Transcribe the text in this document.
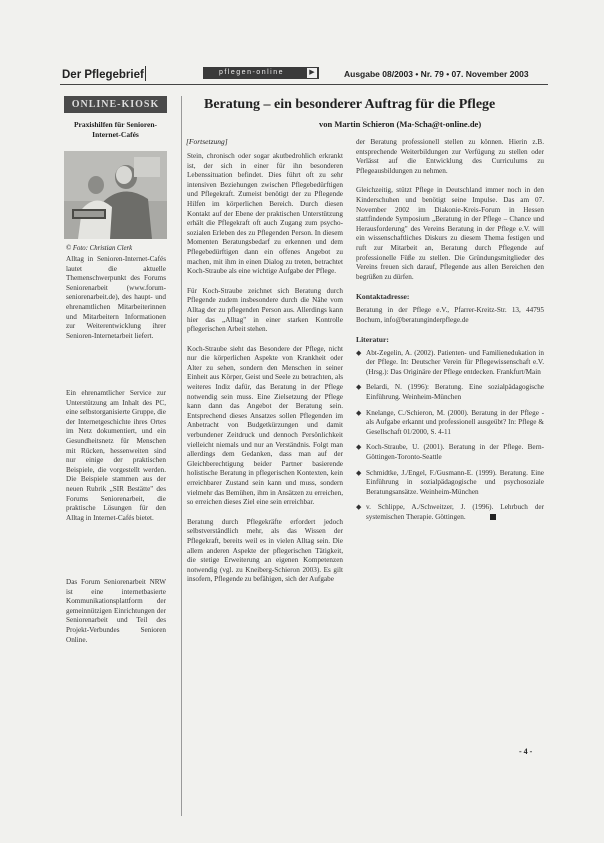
Der Pflegebrief	pflegen-online	▶	Ausgabe 08/2003 • Nr. 79 • 07. November 2003
ONLINE-KIOSK
Praxishilfen für Senioren-Internet-Cafés
© Foto: Christian Clerk
Alltag in Senioren-Internet-Cafés lautet die aktuelle Themenschwerpunkt des Forums Seniorenarbeit (www.forum-seniorenarbeit.de), des haupt- und ehrenamtlichen Mitarbeiterinnen und Mitarbeitern Informationen zur Weiterentwicklung ihrer Senioren-Internetarbeit liefert.
Ein ehrenamtlicher Service zur Unterstützung am Inhalt des PC, eine selbstorganisierte Gruppe, die der Internetgeschichte ihres Ortes im Netz dokumentiert, und ein Gesundheitsnetz für Menschen mit Rücken, hessenweiten sind nur einige der praktischen Beispiele, die vorgestellt werden. Die Beispiele stammen aus der neuen Rubrik „SIR Bestätte" des Forums Seniorenarbeit, die praktische Lösungen für den Alltag in Internet-Cafés bietet.
Das Forum Seniorenarbeit NRW ist eine internetbasierte Kommunikationsplattform der gemeinnützigen Einrichtungen der Seniorenarbeit und Teil des Projekt-Verbundes Senioren Online.
Beratung – ein besonderer Auftrag für die Pflege
von Martin Schieron (Ma-Scha@t-online.de)
[Fortsetzung]

Stein, chronisch oder sogar akutbedrohlich erkrankt ist, der sich in einer für ihn besonderen Lebenssituation befindet. Dies führt oft zu sehr intensiven Beziehungen zwischen Pflegebedürftigen und Pflegekraft. Zumeist benötigt der zu Pflegende Hilfen im körperlichen Bereich. Durch diesen Kontakt auf der Ebene der praktischen Unterstützung erhält die Pflegekraft oft auch Zugang zum psycho-sozialen Erleben des zu Pflegenden Person. In diesem Momenten Beratungsbedarf zu erkennen und dem Pflegebedürftigen dann ein offenes Angebot zu machen, mit ihm in einen Dialog zu treten, betrachtet Koch-Straube als eine wichtige Aufgabe der Pflege.

Für Koch-Straube zeichnet sich Beratung durch Pflegende zudem insbesondere durch die Nähe vom Alltag der zu pflegenden Person aus. Allerdings kann hier das „Alltag" in einer starken Kontrolle pflegerischen Arbeit stehen.

Koch-Straube sieht das Besondere der Pflege, nicht nur die körperlichen Aspekte von Krankheit oder Alter zu sehen, sondern den Menschen in seiner Einheit aus Körper, Geist und Seele zu betrachten, als weiteres Indiz dafür, das Beratung in der Pflege notwendig sein muss. Eine Zielsetzung der Pflege kann dann das Angebot der Beratung sein. Entsprechend dieses Ansatzes sollen Pflegenden im Anbetracht von Budgetkürzungen und damit verbundener Zeitdruck und dennoch Persönlichkeit vielleicht niemals und nur an Verständnis. Folgt man allerdings dem Gedanken, dass man auf der Gleichberechtigung beider Partner basierende holistische Beratung in pflegerischen Kontexten, kein erreichbarer Zustand sein kann und muss, sondern vielmehr das Bemühen, ihm in Ansätzen zu erreichen, so erreichen dieses Ziel eine sein erreichbar.

Beratung durch Pflegekräfte erfordert jedoch selbstverständlich mehr, als das Wissen der Pflegekraft, bereits weil es in vielen Alltag sein. Die allem anderen Aspekte der pflegerischen Tätigkeit, die stetige Erweiterung an eigenen Kompetenzen notwendig (vgl. zu Kneiberg-Schieron 2003). Es gilt insofern, Pflegende zu befähigen, sich der Aufgabe

der Beratung professionell stellen zu können. Hierin z.B. entsprechende Weiterbildungen zur Verfügung zu stellen oder Verlässt auf die Entwicklung des Curriculums zu Pflegeausbildungen zu nehmen.

Gleichzeitig, stützt Pflege in Deutschland immer noch in den Kinderschuhen und benötigt seine Impulse. Das am 07. November 2002 im Diakonie-Kreis-Forum in Hessen stattfindende Symposium „Beratung in der Pflege – Chance und Herausforderung" des Vereins Beratung in der Pflege e.V. will ein wissenschaftliches Diskurs zu diesem Thema festigen und ruft zur Mitarbeit an, Beratung durch Pflegende auf professionelle Füße zu stellen. Die Gründungsmitglieder des Vereins freuen sich darauf, Pflegende aus allen Bereichen den begrüßen zu dürfen.

Kontaktadresse:

Beratung in der Pflege e.V., Pfarrer-Kreitz-Str. 13, 44795 Bochum, info@beratunginderpflege.de

Literatur:
◆ Abt-Zegelin, A. (2002). Patienten- und Familienedukation in der Pflege. In: Deutscher Verein für Pflegewissenschaft e.V. (Hrsg.): Das Originäre der Pflege entdecken. Frankfurt/Main
◆ Belardi, N. (1996): Beratung. Eine sozialpädagogische Einführung. Weinheim-München
◆ Knelange, C./Schieron, M. (2000). Beratung in der Pflege - als Aufgabe erkannt und professionell ausgeübt? In: Pflege & Gesellschaft 01/2000, S. 4-11
◆ Koch-Straube, U. (2001). Beratung in der Pflege. Bern-Göttingen-Toronto-Seattle
◆ Schmidtke, J./Engel, F./Gusmann-E. (1999). Beratung. Eine Einführung in sozialpädagogische und psychosoziale Beratungsansätze. Weinheim-München
◆ v. Schlippe, A./Schweitzer, J. (1996). Lehrbuch der systemischen Therapie. Göttingen.
- 4 -
